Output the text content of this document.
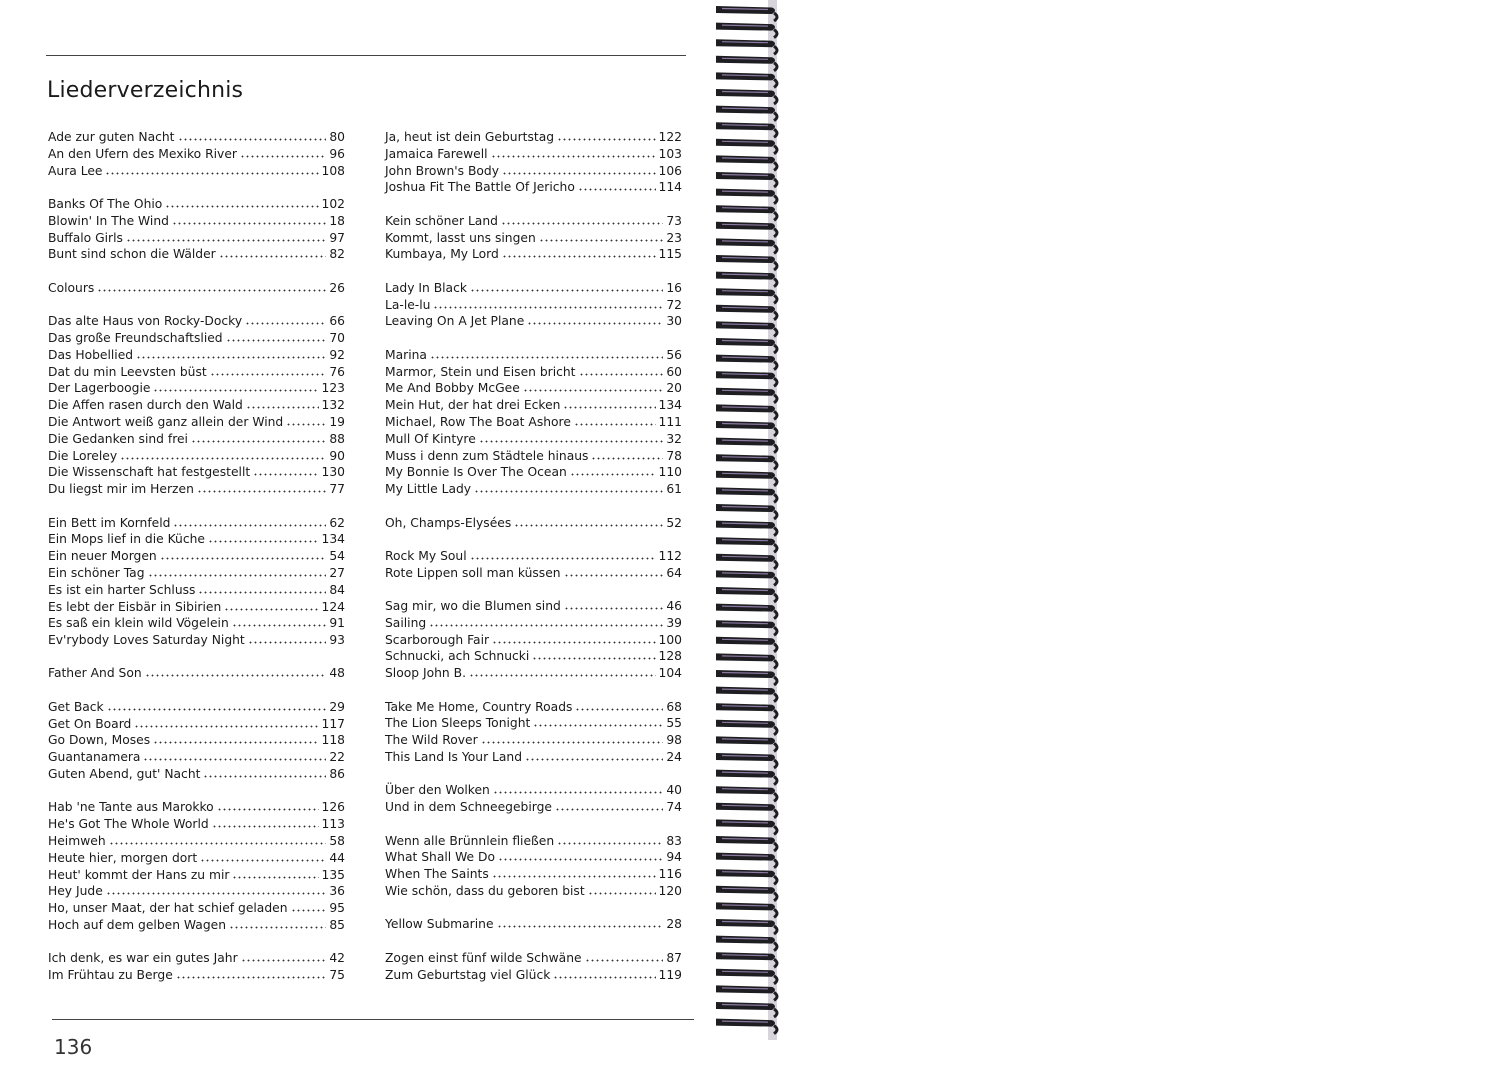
Liederverzeichnis
Ade zur guten Nacht	80
An den Ufern des Mexiko River	96
Aura Lee	108
Banks Of The Ohio	102
Blowin' In The Wind	18
Buffalo Girls	97
Bunt sind schon die Wälder	82
Colours	26
Das alte Haus von Rocky-Docky	66
Das große Freundschaftslied	70
Das Hobellied	92
Dat du min Leevsten büst	76
Der Lagerboogie	123
Die Affen rasen durch den Wald	132
Die Antwort weiß ganz allein der Wind	19
Die Gedanken sind frei	88
Die Loreley	90
Die Wissenschaft hat festgestellt	130
Du liegst mir im Herzen	77
Ein Bett im Kornfeld	62
Ein Mops lief in die Küche	134
Ein neuer Morgen	54
Ein schöner Tag	27
Es ist ein harter Schluss	84
Es lebt der Eisbär in Sibirien	124
Es saß ein klein wild Vögelein	91
Ev'rybody Loves Saturday Night	93
Father And Son	48
Get Back	29
Get On Board	117
Go Down, Moses	118
Guantanamera	22
Guten Abend, gut' Nacht	86
Hab 'ne Tante aus Marokko	126
He's Got The Whole World	113
Heimweh	58
Heute hier, morgen dort	44
Heut' kommt der Hans zu mir	135
Hey Jude	36
Ho, unser Maat, der hat schief geladen	95
Hoch auf dem gelben Wagen	85
Ich denk, es war ein gutes Jahr	42
Im Frühtau zu Berge	75
Ja, heut ist dein Geburtstag	122
Jamaica Farewell	103
John Brown's Body	106
Joshua Fit The Battle Of Jericho	114
Kein schöner Land	73
Kommt, lasst uns singen	23
Kumbaya, My Lord	115
Lady In Black	16
La-le-lu	72
Leaving On A Jet Plane	30
Marina	56
Marmor, Stein und Eisen bricht	60
Me And Bobby McGee	20
Mein Hut, der hat drei Ecken	134
Michael, Row The Boat Ashore	111
Mull Of Kintyre	32
Muss i denn zum Städtele hinaus	78
My Bonnie Is Over The Ocean	110
My Little Lady	61
Oh, Champs-Elysées	52
Rock My Soul	112
Rote Lippen soll man küssen	64
Sag mir, wo die Blumen sind	46
Sailing	39
Scarborough Fair	100
Schnucki, ach Schnucki	128
Sloop John B.	104
Take Me Home, Country Roads	68
The Lion Sleeps Tonight	55
The Wild Rover	98
This Land Is Your Land	24
Über den Wolken	40
Und in dem Schneegebirge	74
Wenn alle Brünnlein fließen	83
What Shall We Do	94
When The Saints	116
Wie schön, dass du geboren bist	120
Yellow Submarine	28
Zogen einst fünf wilde Schwäne	87
Zum Geburtstag viel Glück	119
136
